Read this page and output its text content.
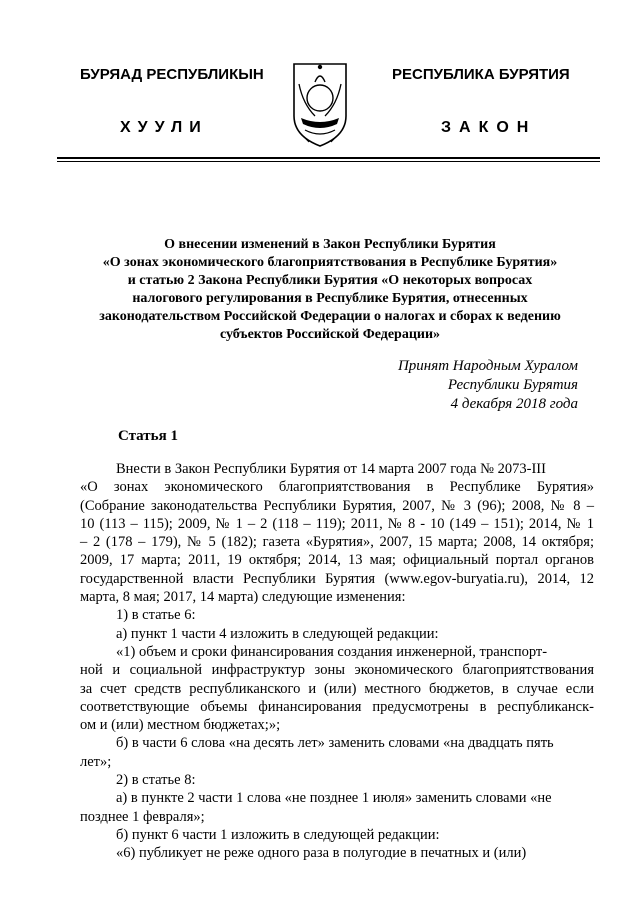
БУРЯАД РЕСПУБЛИКЫН
ХУУЛИ
РЕСПУБЛИКА БУРЯТИЯ
ЗАКОН
О внесении изменений в Закон Республики Бурятия
«О зонах экономического благоприятствования в Республике Бурятия»
и статью 2 Закона Республики Бурятия «О некоторых вопросах
налогового регулирования в Республике Бурятия, отнесенных
законодательством Российской Федерации о налогах и сборах к ведению
субъектов Российской Федерации»
Принят Народным Хуралом
Республики Бурятия
4 декабря 2018 года
Статья 1
Внести в Закон Республики Бурятия от 14 марта 2007 года № 2073-III
«О зонах экономического благоприятствования в Республике Бурятия»
(Собрание законодательства Республики Бурятия, 2007, № 3 (96); 2008, № 8 –
10 (113 – 115); 2009, № 1 – 2 (118 – 119); 2011, № 8 - 10 (149 – 151); 2014, № 1
– 2 (178 – 179), № 5 (182); газета «Бурятия», 2007, 15 марта; 2008, 14 октября;
2009, 17 марта; 2011, 19 октября; 2014, 13 мая; официальный портал органов
государственной власти Республики Бурятия (www.egov-buryatia.ru), 2014, 12
марта, 8 мая; 2017, 14 марта) следующие изменения:
1) в статье 6:
а) пункт 1 части 4 изложить в следующей редакции:
«1) объем и сроки финансирования создания инженерной, транспорт-
ной и социальной инфраструктур зоны экономического благоприятствования
за счет средств республиканского и (или) местного бюджетов, в случае если
соответствующие объемы финансирования предусмотрены в республиканск-
ом и (или) местном бюджетах;»;
б) в части 6 слова «на десять лет» заменить словами «на двадцать пять
лет»;
2) в статье 8:
а) в пункте 2 части 1 слова «не позднее 1 июля» заменить словами «не
позднее 1 февраля»;
б) пункт 6 части 1 изложить в следующей редакции:
«6) публикует не реже одного раза в полугодие в печатных и (или)
